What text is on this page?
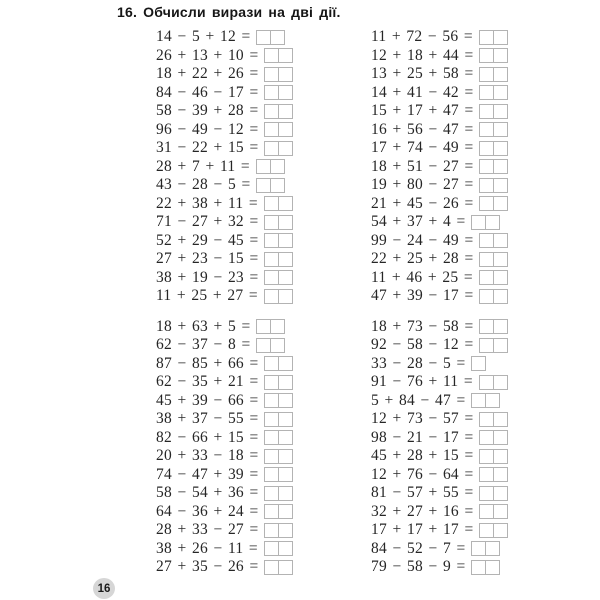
16. Обчисли вирази на дві дії.
14 − 5 + 12 =
26 + 13 + 10 =
18 + 22 + 26 =
84 − 46 − 17 =
58 − 39 + 28 =
96 − 49 − 12 =
31 − 22 + 15 =
28 + 7 + 11 =
43 − 28 − 5 =
22 + 38 + 11 =
71 − 27 + 32 =
52 + 29 − 45 =
27 + 23 − 15 =
38 + 19 − 23 =
11 + 25 + 27 =
18 + 63 + 5 =
62 − 37 − 8 =
87 − 85 + 66 =
62 − 35 + 21 =
45 + 39 − 66 =
38 + 37 − 55 =
82 − 66 + 15 =
20 + 33 − 18 =
74 − 47 + 39 =
58 − 54 + 36 =
64 − 36 + 24 =
28 + 33 − 27 =
38 + 26 − 11 =
27 + 35 − 26 =
11 + 72 − 56 =
12 + 18 + 44 =
13 + 25 + 58 =
14 + 41 − 42 =
15 + 17 + 47 =
16 + 56 − 47 =
17 + 74 − 49 =
18 + 51 − 27 =
19 + 80 − 27 =
21 + 45 − 26 =
54 + 37 + 4 =
99 − 24 − 49 =
22 + 25 + 28 =
11 + 46 + 25 =
47 + 39 − 17 =
18 + 73 − 58 =
92 − 58 − 12 =
33 − 28 − 5 =
91 − 76 + 11 =
5 + 84 − 47 =
12 + 73 − 57 =
98 − 21 − 17 =
45 + 28 + 15 =
12 + 76 − 64 =
81 − 57 + 55 =
32 + 27 + 16 =
17 + 17 + 17 =
84 − 52 − 7 =
79 − 58 − 9 =
16
